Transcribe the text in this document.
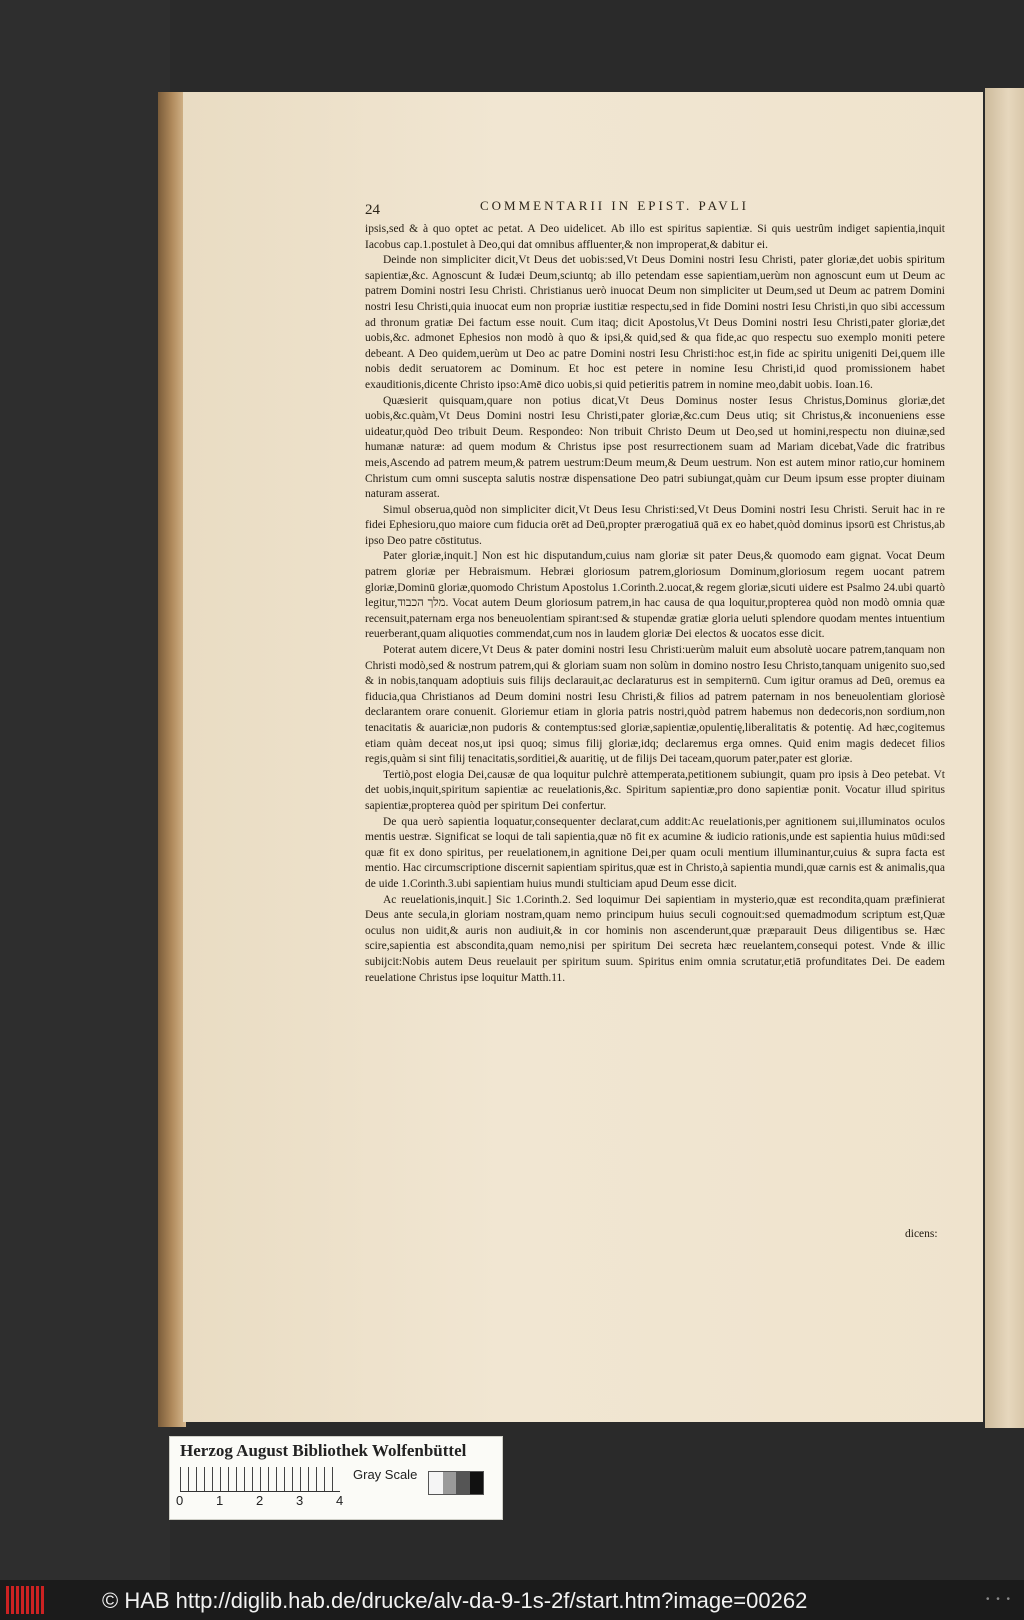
24	COMMENTARII IN EPIST. PAVLI

ipsis,sed & à quo optet ac petat. A Deo uidelicet. Ab illo est spiritus sapientiæ. Si quis uestrûm indiget sapientia,inquit Iacobus cap.1.postulet à Deo,qui dat omnibus affluenter,& non improperat,& dabitur ei.

Deinde non simpliciter dicit,Vt Deus det uobis:sed,Vt Deus Domini nostri Iesu Christi, pater gloriæ,det uobis spiritum sapientiæ,&c. Agnoscunt & Iudæi Deum,sciuntq; ab illo petendam esse sapientiam,uerùm non agnoscunt eum ut Deum ac patrem Domini nostri Iesu Christi. Christianus uerò inuocat Deum non simpliciter ut Deum,sed ut Deum ac patrem Domini nostri Iesu Christi,quia inuocat eum non propriæ iustitiæ respectu,sed in fide Domini nostri Iesu Christi,in quo sibi accessum ad thronum gratiæ Dei factum esse nouit. Cum itaq; dicit Apostolus,Vt Deus Domini nostri Iesu Christi,pater gloriæ,det uobis,&c. admonet Ephesios non modò à quo & ipsi,& quid,sed & qua fide,ac quo respectu suo exemplo moniti petere debeant. A Deo quidem,uerùm ut Deo ac patre Domini nostri Iesu Christi:hoc est,in fide ac spiritu unigeniti Dei,quem ille nobis dedit seruatorem ac Dominum. Et hoc est petere in nomine Iesu Christi,id quod promissionem habet exauditionis,dicente Christo ipso:Amē dico uobis,si quid petieritis patrem in nomine meo,dabit uobis. Ioan.16.

Quæsierit quisquam,quare non potius dicat,Vt Deus Dominus noster Iesus Christus,Dominus gloriæ,det uobis,&c.quàm,Vt Deus Domini nostri Iesu Christi,pater gloriæ,&c.cum Deus utiq; sit Christus,& inconueniens esse uideatur,quòd Deo tribuit Deum. Respondeo: Non tribuit Christo Deum ut Deo,sed ut homini,respectu non diuinæ,sed humanæ naturæ: ad quem modum & Christus ipse post resurrectionem suam ad Mariam dicebat,Vade dic fratribus meis,Ascendo ad patrem meum,& patrem uestrum:Deum meum,& Deum uestrum. Non est autem minor ratio,cur hominem Christum cum omni suscepta salutis nostræ dispensatione Deo patri subiungat,quàm cur Deum ipsum esse propter diuinam naturam asserat.

Simul obserua,quòd non simpliciter dicit,Vt Deus Iesu Christi:sed,Vt Deus Domini nostri Iesu Christi. Seruit hac in re fidei Ephesioru,quo maiore cum fiducia orēt ad Deū,propter prærogatiuā quā ex eo habet,quòd dominus ipsorū est Christus,ab ipso Deo patre cōstitutus.

Pater gloriæ,inquit.] Non est hic disputandum,cuius nam gloriæ sit pater Deus,& quomodo eam gignat. Vocat Deum patrem gloriæ per Hebraismum. Hebræi gloriosum patrem,gloriosum Dominum,gloriosum regem uocant patrem gloriæ,Dominū gloriæ,quomodo Christum Apostolus 1.Corinth.2.uocat,& regem gloriæ,sicuti uidere est Psalmo 24.ubi quartò legitur,מלך הכבוד. Vocat autem Deum gloriosum patrem,in hac causa de qua loquitur,propterea quòd non modò omnia quæ recensuit,paternam erga nos beneuolentiam spirant:sed & stupendæ gratiæ gloria ueluti splendore quodam mentes intuentium reuerberant,quam aliquoties commendat,cum nos in laudem gloriæ Dei electos & uocatos esse dicit.

Poterat autem dicere,Vt Deus & pater domini nostri Iesu Christi:uerùm maluit eum absolutè uocare patrem,tanquam non Christi modò,sed & nostrum patrem,qui & gloriam suam non solùm in domino nostro Iesu Christo,tanquam unigenito suo,sed & in nobis,tanquam adoptiuis suis filijs declarauit,ac declaraturus est in sempiternū. Cum igitur oramus ad Deū, oremus ea fiducia,qua Christianos ad Deum domini nostri Iesu Christi,& filios ad patrem paternam in nos beneuolentiam gloriosè declarantem orare conuenit. Gloriemur etiam in gloria patris nostri,quòd patrem habemus non dedecoris,non sordium,non tenacitatis & auariciæ,non pudoris & contemptus:sed gloriæ,sapientiæ,opulentię,liberalitatis & potentię. Ad hæc,cogitemus etiam quàm deceat nos,ut ipsi quoq; simus filij gloriæ,idq; declaremus erga omnes. Quid enim magis dedecet filios regis,quàm si sint filij tenacitatis,sorditiei,& auaritię, ut de filijs Dei taceam,quorum pater,pater est gloriæ.

Tertiò,post elogia Dei,causæ de qua loquitur pulchrè attemperata,petitionem subiungit, quam pro ipsis à Deo petebat. Vt det uobis,inquit,spiritum sapientiæ ac reuelationis,&c. Spiritum sapientiæ,pro dono sapientiæ ponit. Vocatur illud spiritus sapientiæ,propterea quòd per spiritum Dei confertur.

De qua uerò sapientia loquatur,consequenter declarat,cum addit:Ac reuelationis,per agnitionem sui,illuminatos oculos mentis uestræ. Significat se loqui de tali sapientia,quæ nō fit ex acumine & iudicio rationis,unde est sapientia huius mūdi:sed quæ fit ex dono spiritus, per reuelationem,in agnitione Dei,per quam oculi mentium illuminantur,cuius & supra facta est mentio. Hac circumscriptione discernit sapientiam spiritus,quæ est in Christo,à sapientia mundi,quæ carnis est & animalis,qua de uide 1.Corinth.3.ubi sapientiam huius mundi stulticiam apud Deum esse dicit.

Ac reuelationis,inquit.] Sic 1.Corinth.2. Sed loquimur Dei sapientiam in mysterio,quæ est recondita,quam præfinierat Deus ante secula,in gloriam nostram,quam nemo principum huius seculi cognouit:sed quemadmodum scriptum est,Quæ oculus non uidit,& auris non audiuit,& in cor hominis non ascenderunt,quæ præparauit Deus diligentibus se. Hæc scire,sapientia est abscondita,quam nemo,nisi per spiritum Dei secreta hæc reuelantem,consequi potest. Vnde & illic subijcit:Nobis autem Deus reuelauit per spiritum suum. Spiritus enim omnia scrutatur,etiā profunditates Dei. De eadem reuelatione Christus ipse loquitur Matth.11.

dicens:
Herzog August Bibliothek Wolfenbüttel
0	1	2	3	4
Gray Scale
© HAB http://diglib.hab.de/drucke/alv-da-9-1s-2f/start.htm?image=00262	• • •
